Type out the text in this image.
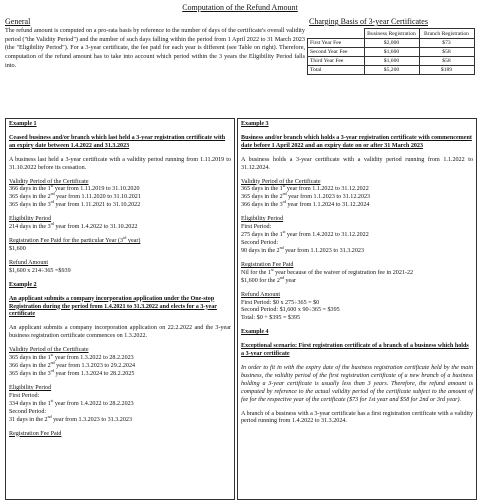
Computation of the Refund Amount
General
The refund amount is computed on a pro-rata basis by reference to the number of days of the certificate's overall validity period ("the Validity Period") and the number of such days falling within the period from 1 April 2022 to 31 March 2023 (the "Eligibility Period"). For a 3-year certificate, the fee paid for each year is different (see Table on right). Therefore, computation of the refund amount has to take into account which period within the 3 years the Eligibility Period falls into.
Charging Basis of 3-year Certificates
	Business Registration	Branch Registration
First Year Fee	$2,000	$73
Second Year Fee	$1,600	$58
Third Year Fee	$1,600	$58
Total	$5,200	$189
Example 1
Ceased business and/or branch which last held a 3-year registration certificate with an expiry date between 1.4.2022 and 31.3.2023
A business last held a 3-year certificate with a validity period running from 1.11.2019 to 31.10.2022 before its cessation.
Validity Period of the Certificate
366 days in the 1st year from 1.11.2019 to 31.10.2020
365 days in the 2nd year from 1.11.2020 to 31.10.2021
365 days in the 3rd year from 1.11.2021 to 31.10.2022
Eligibility Period
214 days in the 3rd year from 1.4.2022 to 31.10.2022
Registration Fee Paid for the particular Year (3rd year)
$1,600
Refund Amount
$1,600 x 214÷365 =$939
Example 2
An applicant submits a company incorporation application under the One-stop Registration during the period from 1.4.2021 to 31.3.2022 and elects for a 3-year certificate
An applicant submits a company incorporation application on 22.2.2022 and the 3-year business registration certificate commences on 1.3.2022.
Validity Period of the Certificate
365 days in the 1st year from 1.3.2022 to 28.2.2023
366 days in the 2nd year from 1.3.2023 to 29.2.2024
365 days in the 3rd year from 1.3.2024 to 28.2.2025
Eligibility Period
First Period:
334 days in the 1st year from 1.4.2022 to 28.2.2023
Second Period:
31 days in the 2nd year from 1.3.2023 to 31.3.2023
Registration Fee Paid
Example 3
Business and/or branch which holds a 3-year registration certificate with commencement date before 1 April 2022 and an expiry date on or after 31 March 2023
A business holds a 3-year certificate with a validity period running from 1.1.2022 to 31.12.2024.
Validity Period of the Certificate
365 days in the 1st year from 1.1.2022 to 31.12.2022
365 days in the 2nd year from 1.1.2023 to 31.12.2023
366 days in the 3rd year from 1.1.2024 to 31.12.2024
Eligibility Period
First Period:
275 days in the 1st year from 1.4.2022 to 31.12.2022
Second Period:
90 days in the 2nd year from 1.1.2023 to 31.3.2023
Registration Fee Paid
Nil for the 1st year because of the waiver of registration fee in 2021-22
$1,600 for the 2nd year
Refund Amount
First Period: $0 x 275÷365 = $0
Second Period: $1,600 x 90÷365 = $395
Total: $0 + $395 = $395
Example 4
Exceptional scenario: First registration certificate of a branch of a business which holds a 3-year certificate
In order to fit in with the expiry date of the business registration certificate held by the main business, the validity period of the first registration certificate of a new branch of a business holding a 3-year certificate is usually less than 3 years. Therefore, the refund amount is computed by reference to the actual validity period of the certificate subject to the amount of fee for the respective year of the certificate ($73 for 1st year and $58 for 2nd or 3rd year).
A branch of a business with a 3-year certificate has a first registration certificate with a validity period running from 1.4.2022 to 31.3.2024.
